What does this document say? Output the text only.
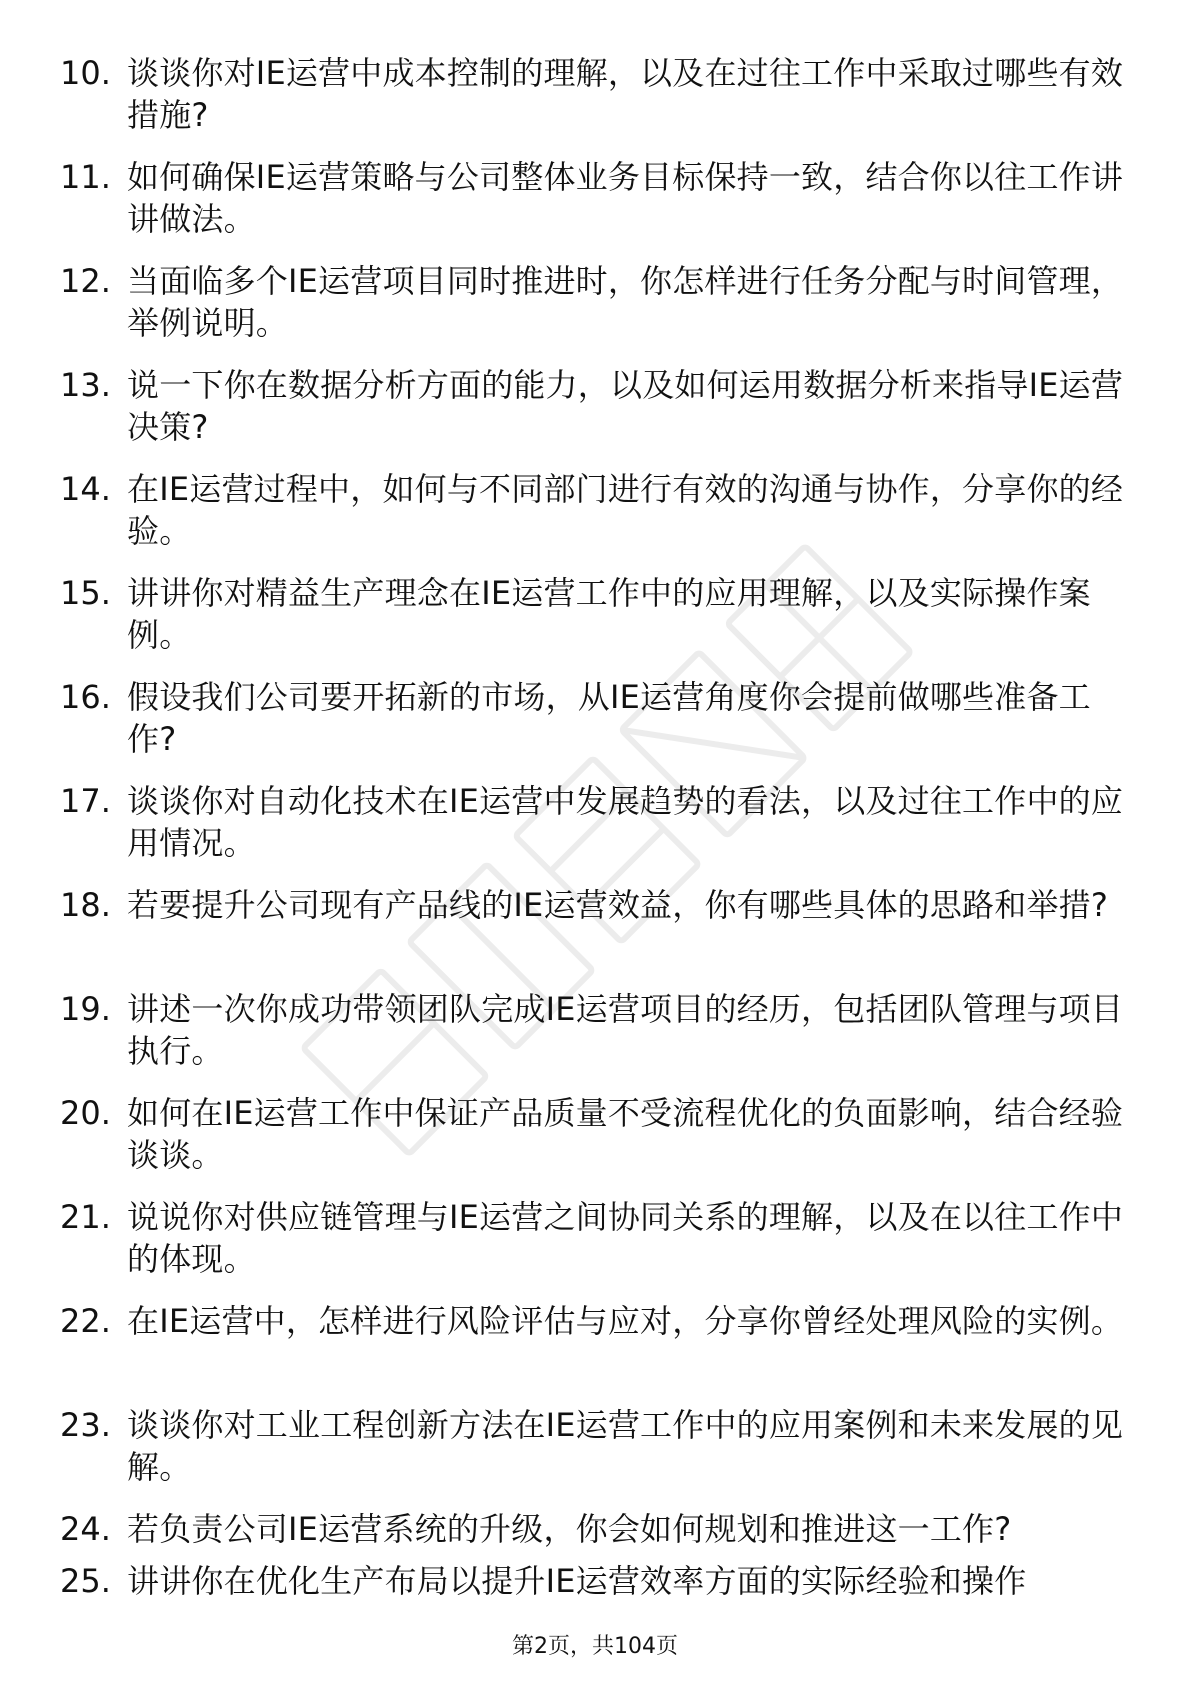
10. 谈谈你对IE运营中成本控制的理解，以及在过往工作中采取过哪些有效措施?
11. 如何确保IE运营策略与公司整体业务目标保持一致，结合你以往工作讲讲做法。
12. 当面临多个IE运营项目同时推进时，你怎样进行任务分配与时间管理，举例说明。
13. 说一下你在数据分析方面的能力，以及如何运用数据分析来指导IE运营决策?
14. 在IE运营过程中，如何与不同部门进行有效的沟通与协作，分享你的经验。
15. 讲讲你对精益生产理念在IE运营工作中的应用理解，以及实际操作案例。
16. 假设我们公司要开拓新的市场，从IE运营角度你会提前做哪些准备工作?
17. 谈谈你对自动化技术在IE运营中发展趋势的看法，以及过往工作中的应用情况。
18. 若要提升公司现有产品线的IE运营效益，你有哪些具体的思路和举措?
19. 讲述一次你成功带领团队完成IE运营项目的经历，包括团队管理与项目执行。
20. 如何在IE运营工作中保证产品质量不受流程优化的负面影响，结合经验谈谈。
21. 说说你对供应链管理与IE运营之间协同关系的理解，以及在以往工作中的体现。
22. 在IE运营中，怎样进行风险评估与应对，分享你曾经处理风险的实例。
23. 谈谈你对工业工程创新方法在IE运营工作中的应用案例和未来发展的见解。
24. 若负责公司IE运营系统的升级，你会如何规划和推进这一工作?
25. 讲讲你在优化生产布局以提升IE运营效率方面的实际经验和操作
第2页，共104页
